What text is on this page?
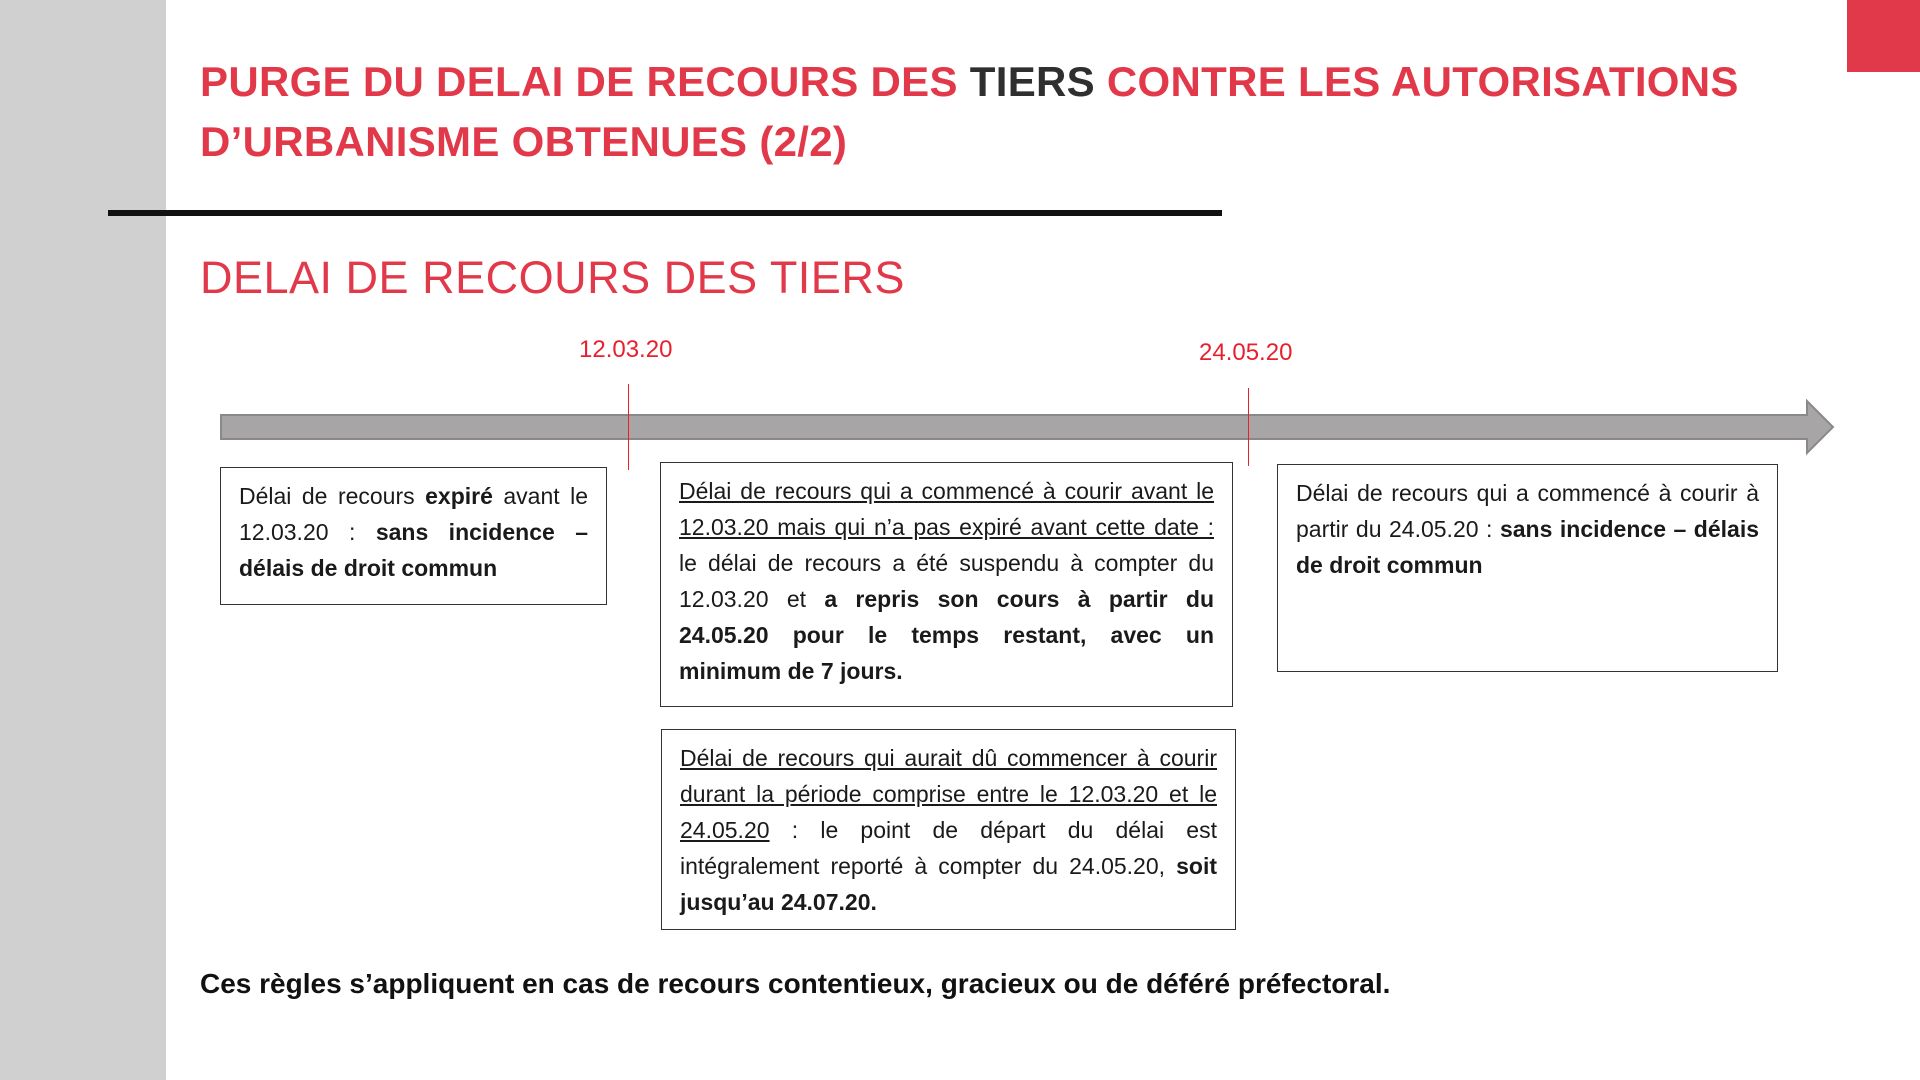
PURGE DU DELAI DE RECOURS DES TIERS CONTRE LES AUTORISATIONS D’URBANISME OBTENUES (2/2)
DELAI DE RECOURS DES TIERS
12.03.20	24.05.20
Délai de recours expiré avant le 12.03.20 : sans incidence – délais de droit commun
Délai de recours qui a commencé à courir avant le 12.03.20 mais qui n’a pas expiré avant cette date : le délai de recours a été suspendu à compter du 12.03.20 et a repris son cours à partir du 24.05.20 pour le temps restant, avec un minimum de 7 jours.
Délai de recours qui a commencé à courir à partir du 24.05.20 : sans incidence – délais de droit commun
Délai de recours qui aurait dû commencer à courir durant la période comprise entre le 12.03.20 et le 24.05.20 : le point de départ du délai est intégralement reporté à compter du 24.05.20, soit jusqu’au 24.07.20.
Ces règles s’appliquent en cas de recours contentieux, gracieux ou de déféré préfectoral.
